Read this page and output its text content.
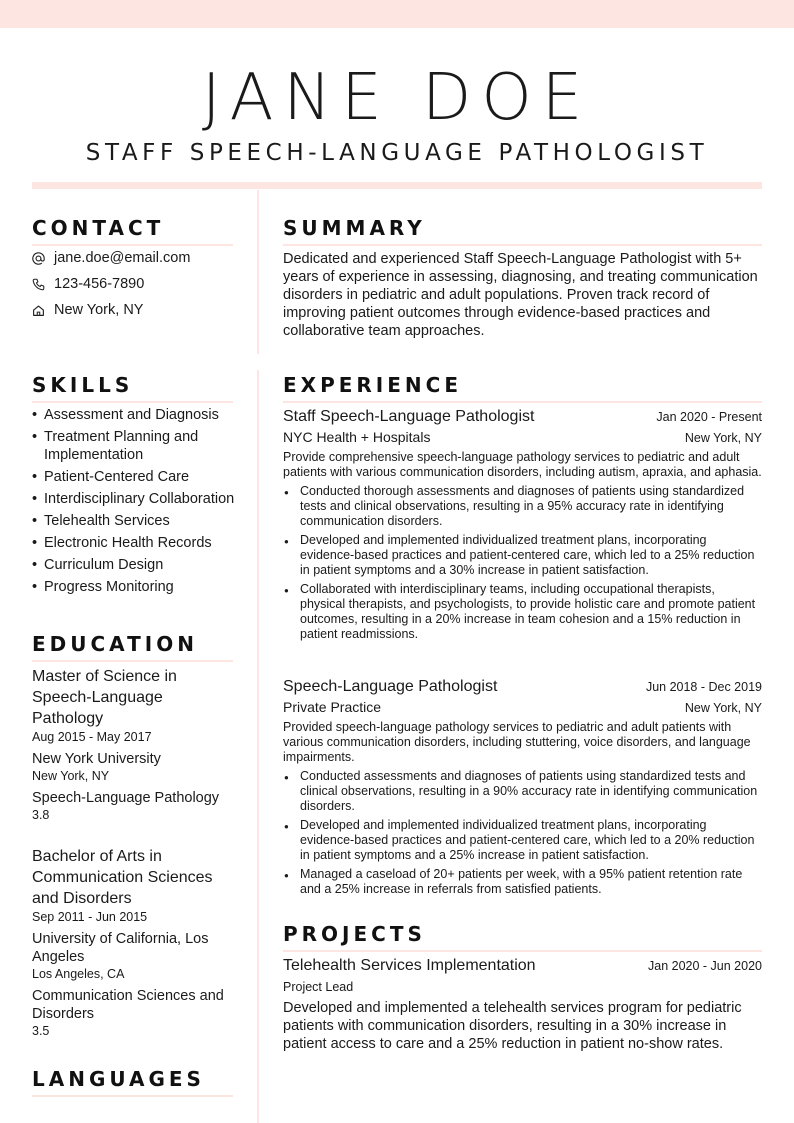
JANE DOE
STAFF SPEECH-LANGUAGE PATHOLOGIST
CONTACT
jane.doe@email.com
123-456-7890
New York, NY
SUMMARY

Dedicated and experienced Staff Speech-Language Pathologist with 5+ years of experience in assessing, diagnosing, and treating communication disorders in pediatric and adult populations. Proven track record of improving patient outcomes through evidence-based practices and collaborative team approaches.

SKILLS
• Assessment and Diagnosis
• Treatment Planning and Implementation
• Patient-Centered Care
• Interdisciplinary Collaboration
• Telehealth Services
• Electronic Health Records
• Curriculum Design
• Progress Monitoring
EDUCATION
Master of Science in Speech-Language Pathology
Aug 2015 - May 2017
New York University
New York, NY
Speech-Language Pathology
3.8
Bachelor of Arts in Communication Sciences and Disorders
Sep 2011 - Jun 2015
University of California, Los Angeles
Los Angeles, CA
Communication Sciences and Disorders
3.5
LANGUAGES
EXPERIENCE
Staff Speech-Language Pathologist	Jan 2020 - Present
NYC Health + Hospitals	New York, NY

Provide comprehensive speech-language pathology services to pediatric and adult patients with various communication disorders, including autism, apraxia, and aphasia.

● Conducted thorough assessments and diagnoses of patients using standardized tests and clinical observations, resulting in a 95% accuracy rate in identifying communication disorders.
● Developed and implemented individualized treatment plans, incorporating evidence-based practices and patient-centered care, which led to a 25% reduction in patient symptoms and a 30% increase in patient satisfaction.
● Collaborated with interdisciplinary teams, including occupational therapists, physical therapists, and psychologists, to provide holistic care and promote patient outcomes, resulting in a 20% increase in team cohesion and a 15% reduction in patient readmissions.
Speech-Language Pathologist	Jun 2018 - Dec 2019
Private Practice	New York, NY

Provided speech-language pathology services to pediatric and adult patients with various communication disorders, including stuttering, voice disorders, and language impairments.

● Conducted assessments and diagnoses of patients using standardized tests and clinical observations, resulting in a 90% accuracy rate in identifying communication disorders.
● Developed and implemented individualized treatment plans, incorporating evidence-based practices and patient-centered care, which led to a 20% reduction in patient symptoms and a 25% increase in patient satisfaction.
● Managed a caseload of 20+ patients per week, with a 95% patient retention rate and a 25% increase in referrals from satisfied patients.
PROJECTS
Telehealth Services Implementation	Jan 2020 - Jun 2020
Project Lead

Developed and implemented a telehealth services program for pediatric patients with communication disorders, resulting in a 30% increase in patient access to care and a 25% reduction in patient no-show rates.
